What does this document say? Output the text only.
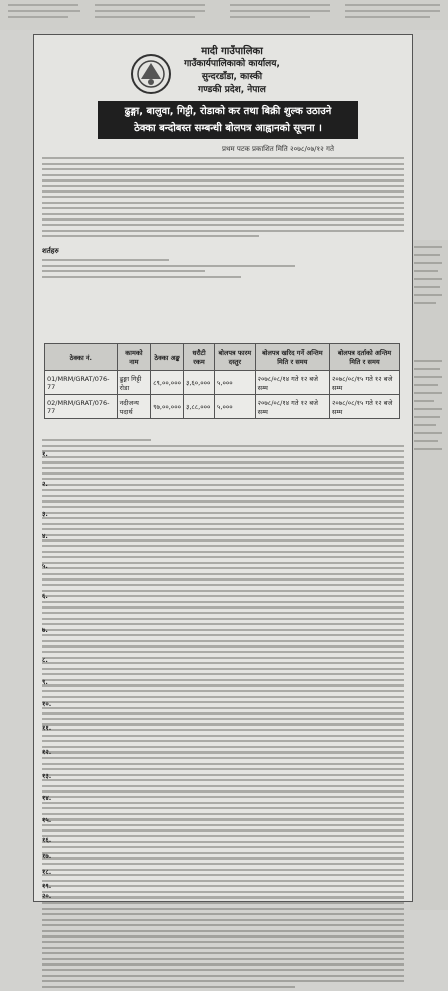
मादी गाउँपालिका
गाउँकार्यपालिकाको कार्यालय,
सुन्दरडाँडा, कास्की
गण्डकी प्रदेश, नेपाल
ढुङ्गा, बालुवा, गिट्टी, रोडाको कर तथा बिक्री शुल्क उठाउने
ठेक्का बन्दोबस्त सम्बन्धी बोलपत्र आह्वानको सूचना ।
प्रथम पटक प्रकाशित मिति २०७८/०७/१२ गते
शर्तहरु
ठेक्का नं.	कामको नाम	ठेक्का अङ्क	धरौटी रकम	बोलपत्र फारम दस्तुर	बोलपत्र खरिद गर्ने अन्तिम मिति र समय	बोलपत्र दर्ताको अन्तिम मिति र समय
01/MRM/GRAT/076-77	ढुङ्गा गिट्टी रोडा	८९,००,०००	३,६०,०००	५,०००	२०७८/०८/१४ गते १२ बजे सम्म	२०७८/०८/१५ गते १२ बजे सम्म
02/MRM/GRAT/076-77	नदीजन्य पदार्थ	९७,००,०००	३,८८,०००	५,०००	२०७८/०८/१४ गते १२ बजे सम्म	२०७८/०८/१५ गते १२ बजे सम्म
१.
२.
३.
४.
५.
६.
७.
८.
९.
१०.
११.
१२.
१३.
१४.
१५.
१६.
१७.
१८.
१९.
२०.
